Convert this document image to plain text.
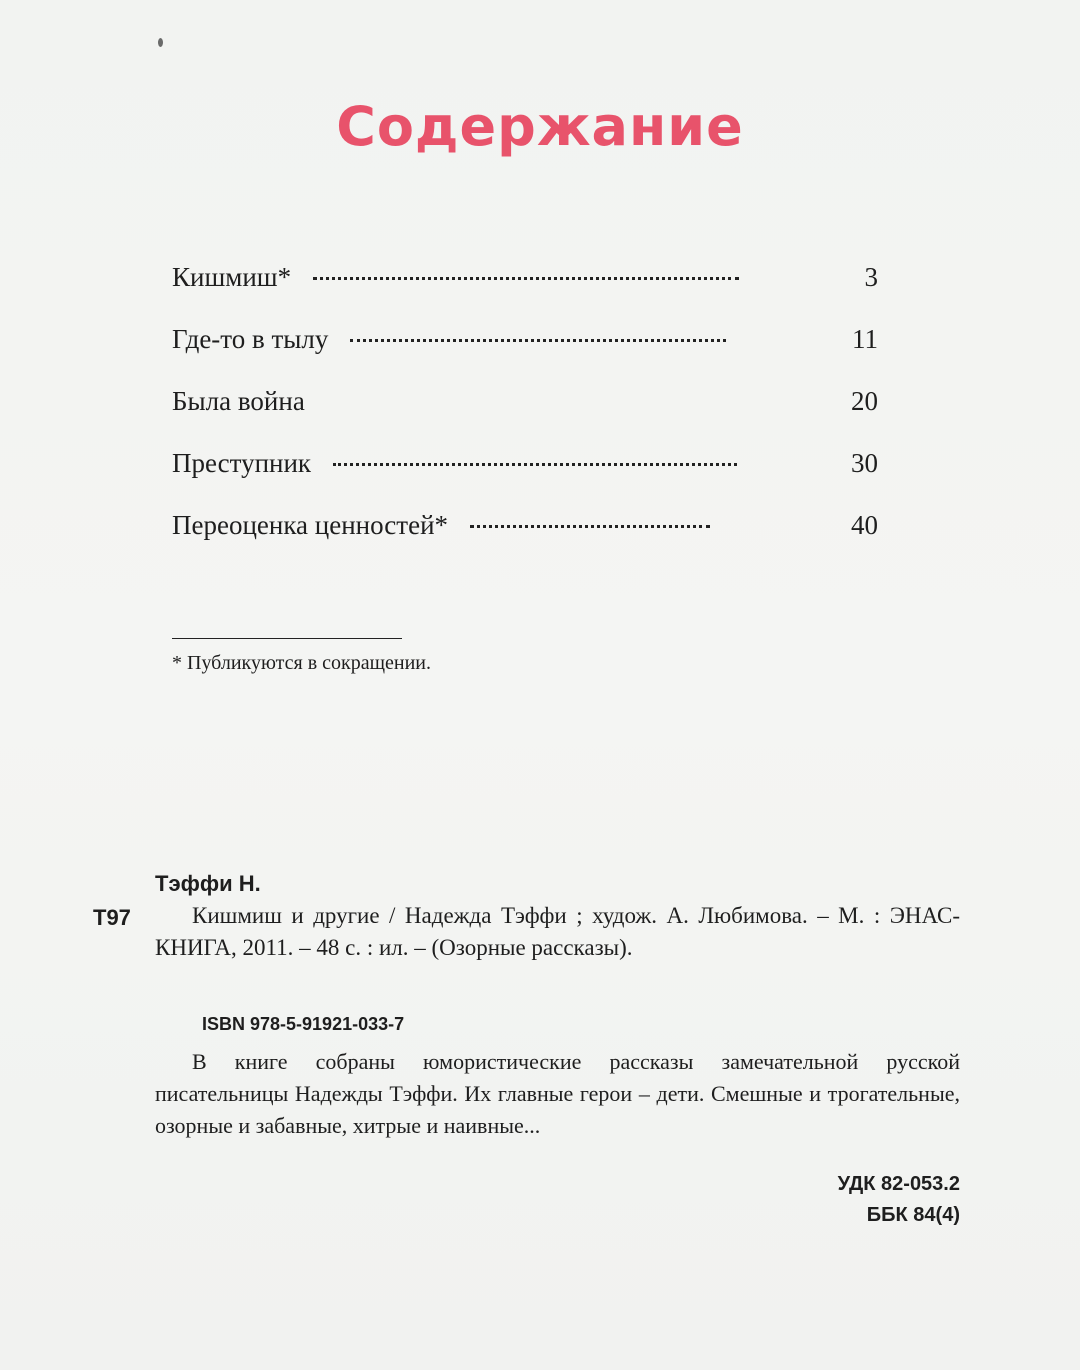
Содержание
Кишмиш*	3
Где-то в тылу	11
Была война	20
Преступник	30
Переоценка ценностей*	40
* Публикуются в сокращении.
Тэффи Н.
Т97	Кишмиш и другие / Надежда Тэффи ; худож. А. Любимова. – М. : ЭНАС-КНИГА, 2011. – 48 с. : ил. – (Озорные рассказы).
ISBN 978-5-91921-033-7
В книге собраны юмористические рассказы замечательной русской писательницы Надежды Тэффи. Их главные герои – дети. Смешные и трогательные, озорные и забавные, хитрые и наивные...
УДК 82-053.2
ББК 84(4)
